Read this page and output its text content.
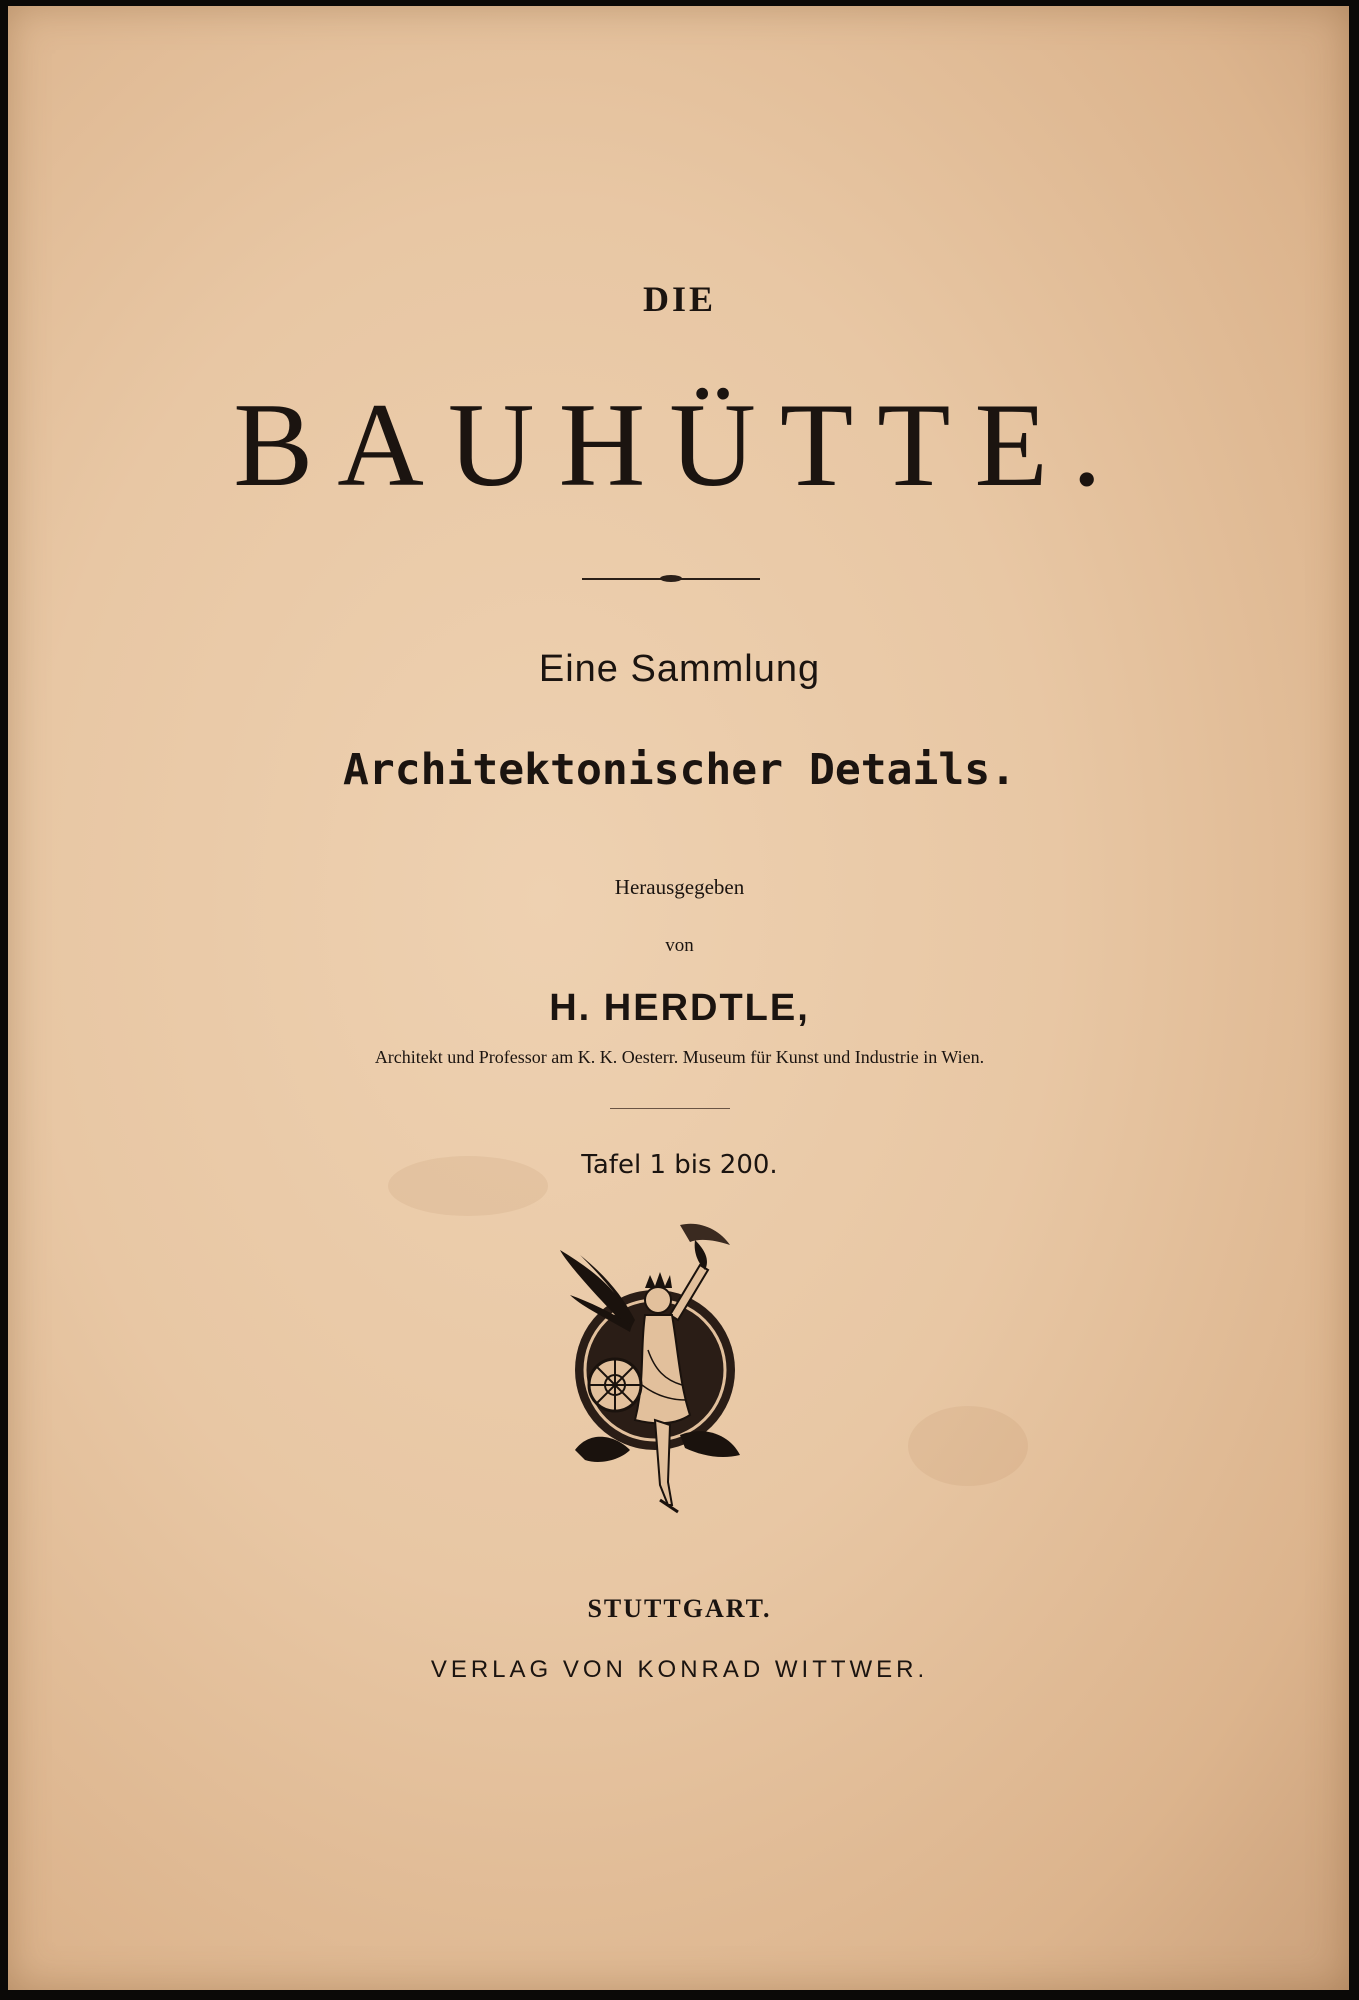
DIE
BAUHÜTTE.
Eine Sammlung
Architektonischer Details.
Herausgegeben
von
H. HERDTLE,
Architekt und Professor am K. K. Oesterr. Museum für Kunst und Industrie in Wien.
Tafel 1 bis 200.
STUTTGART.
VERLAG VON KONRAD WITTWER.
